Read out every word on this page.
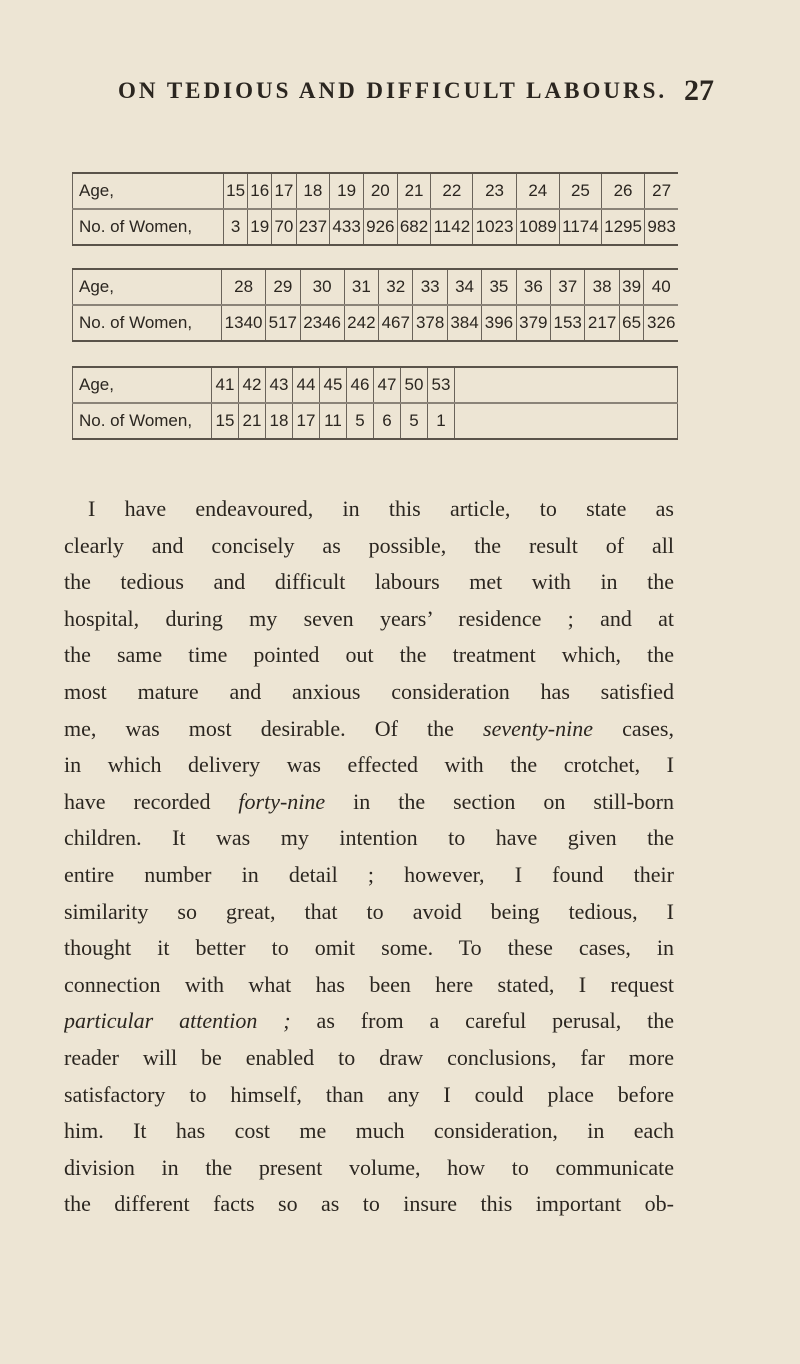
ON TEDIOUS AND DIFFICULT LABOURS. 27
Age,	15	16	17	18	19	20	21	22	23	24	25	26	27
No. of Women,	3	19	70	237	433	926	682	1142	1023	1089	1174	1295	983
Age,	28	29	30	31	32	33	34	35	36	37	38	39	40
No. of Women,	1340	517	2346	242	467	378	384	396	379	153	217	65	326
Age,	41	42	43	44	45	46	47	50	53	
No. of Women,	15	21	18	17	11	5	6	5	1	
I have endeavoured, in this article, to state as
clearly and concisely as possible, the result of all
the tedious and difficult labours met with in the
hospital, during my seven years’ residence ; and at
the same time pointed out the treatment which, the
most mature and anxious consideration has satisfied
me, was most desirable. Of the seventy-nine cases,
in which delivery was effected with the crotchet, I
have recorded forty-nine in the section on still-born
children. It was my intention to have given the
entire number in detail ; however, I found their
similarity so great, that to avoid being tedious, I
thought it better to omit some. To these cases, in
connection with what has been here stated, I request
particular attention ; as from a careful perusal, the
reader will be enabled to draw conclusions, far more
satisfactory to himself, than any I could place before
him. It has cost me much consideration, in each
division in the present volume, how to communicate
the different facts so as to insure this important ob-
